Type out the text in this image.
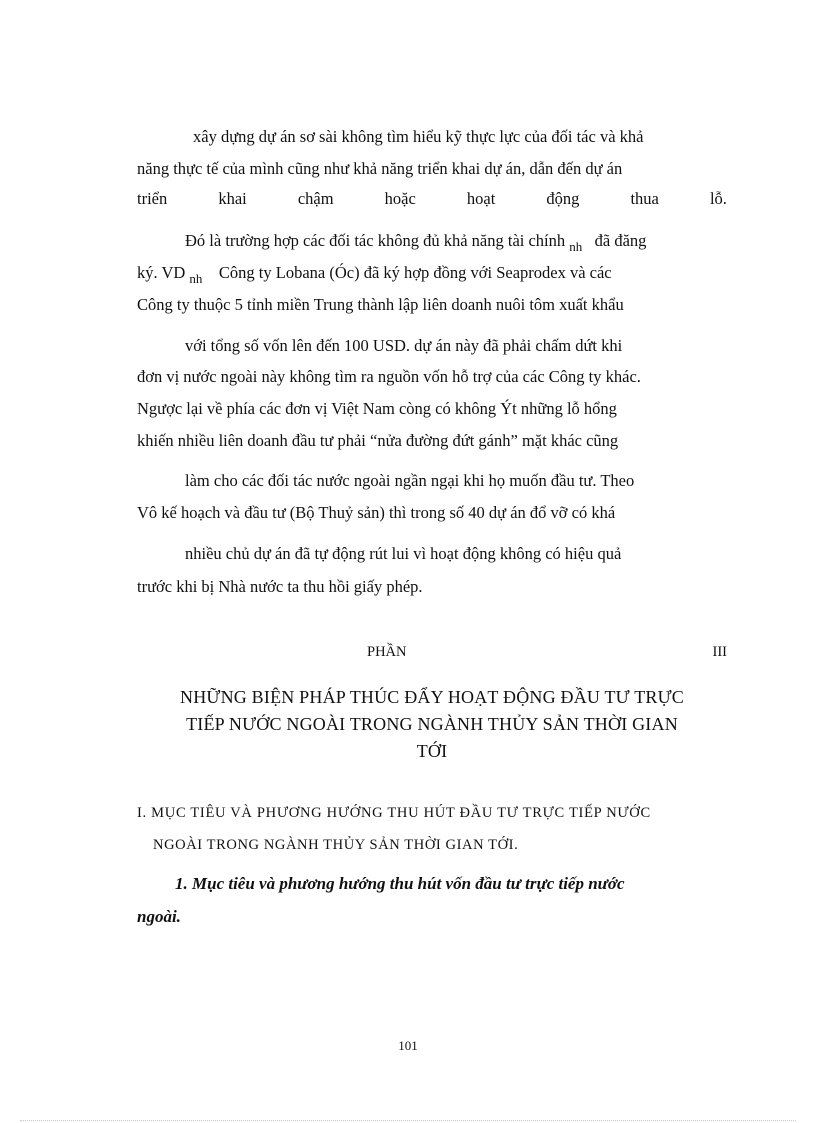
xây dựng dự án sơ sài không tìm hiểu kỹ thực lực của đối tác và khả
năng thực tế của mình cũng như khả năng triển khai dự án, dẫn đến dự án
triển	khai	chậm	hoặc	hoạt	động	thua	lỗ.
Đó là trường hợp các đối tác không đủ khả năng tài chính $_{nh}$ đã đăng
ký. VD $_{nh}$ Công ty Lobana (Óc) đã ký hợp đồng với Seaprodex và các
Công ty thuộc 5 tỉnh miền Trung thành lập liên doanh nuôi tôm xuất khẩu
với tổng số vốn lên đến 100 USD. dự án này đã phải chấm dứt khi
đơn vị nước ngoài này không tìm ra nguồn vốn hỗ trợ của các Công ty khác.
Ngược lại về phía các đơn vị Việt Nam còng có không Ýt những lỗ hổng
khiến nhiều liên doanh đầu tư phải “nửa đường đứt gánh” mặt khác cũng
làm cho các đối tác nước ngoài ngần ngại khi họ muốn đầu tư. Theo
Vô kế hoạch và đầu tư (Bộ Thuỷ sản) thì trong số 40 dự án đổ vỡ có khá
nhiều chủ dự án đã tự động rút lui vì hoạt động không có hiệu quả
trước khi bị Nhà nước ta thu hồi giấy phép.
PHẦN	III
NHỮNG BIỆN PHÁP THÚC ĐẨY HOẠT ĐỘNG ĐẦU TƯ TRỰC
TIẾP NƯỚC NGOÀI TRONG NGÀNH THỦY SẢN THỜI GIAN
TỚI
I. MỤC TIÊU VÀ PHƯƠNG HƯỚNG THU HÚT ĐẦU TƯ TRỰC TIẾP NƯỚC
NGOÀI TRONG NGÀNH THỦY SẢN THỜI GIAN TỚI.
1. Mục tiêu và phương hướng thu hút vốn đầu tư trực tiếp nước
ngoài.
101
